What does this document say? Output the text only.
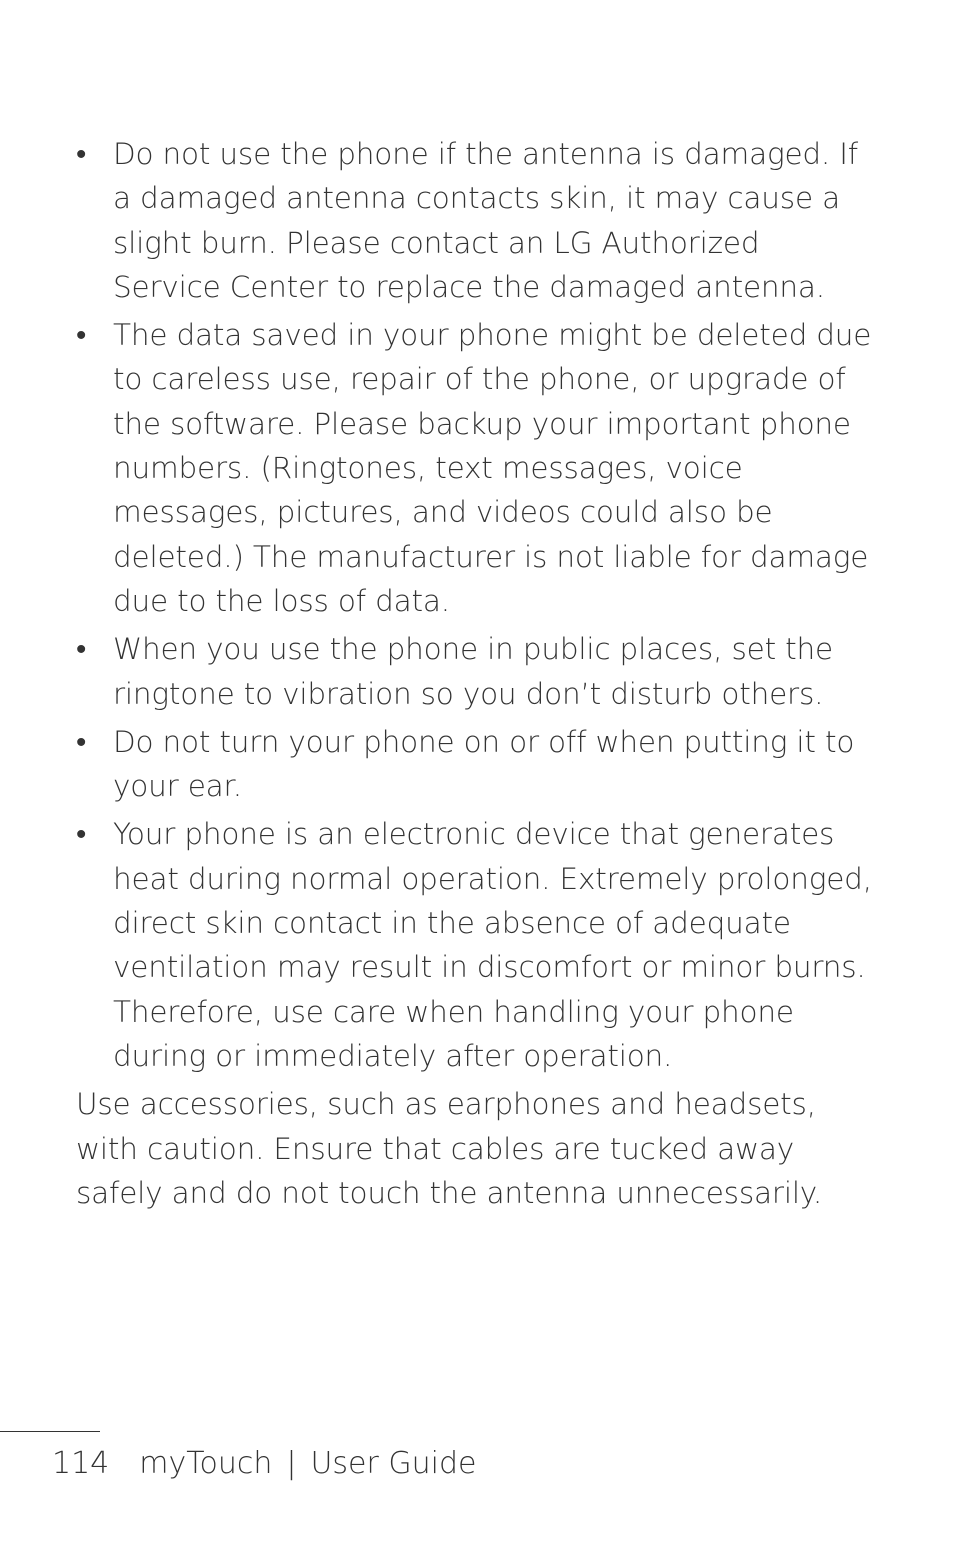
• Do not use the phone if the antenna is damaged. If a damaged antenna contacts skin, it may cause a slight burn. Please contact an LG Authorized Service Center to replace the damaged antenna.
• The data saved in your phone might be deleted due to careless use, repair of the phone, or upgrade of the software. Please backup your important phone numbers. (Ringtones, text messages, voice messages, pictures, and videos could also be deleted.) The manufacturer is not liable for damage due to the loss of data.
• When you use the phone in public places, set the ringtone to vibration so you don’t disturb others.
• Do not turn your phone on or off when putting it to your ear.
• Your phone is an electronic device that generates heat during normal operation. Extremely prolonged, direct skin contact in the absence of adequate ventilation may result in discomfort or minor burns. Therefore, use care when handling your phone during or immediately after operation.

Use accessories, such as earphones and headsets, with caution. Ensure that cables are tucked away safely and do not touch the antenna unnecessarily.

114 myTouch | User Guide
